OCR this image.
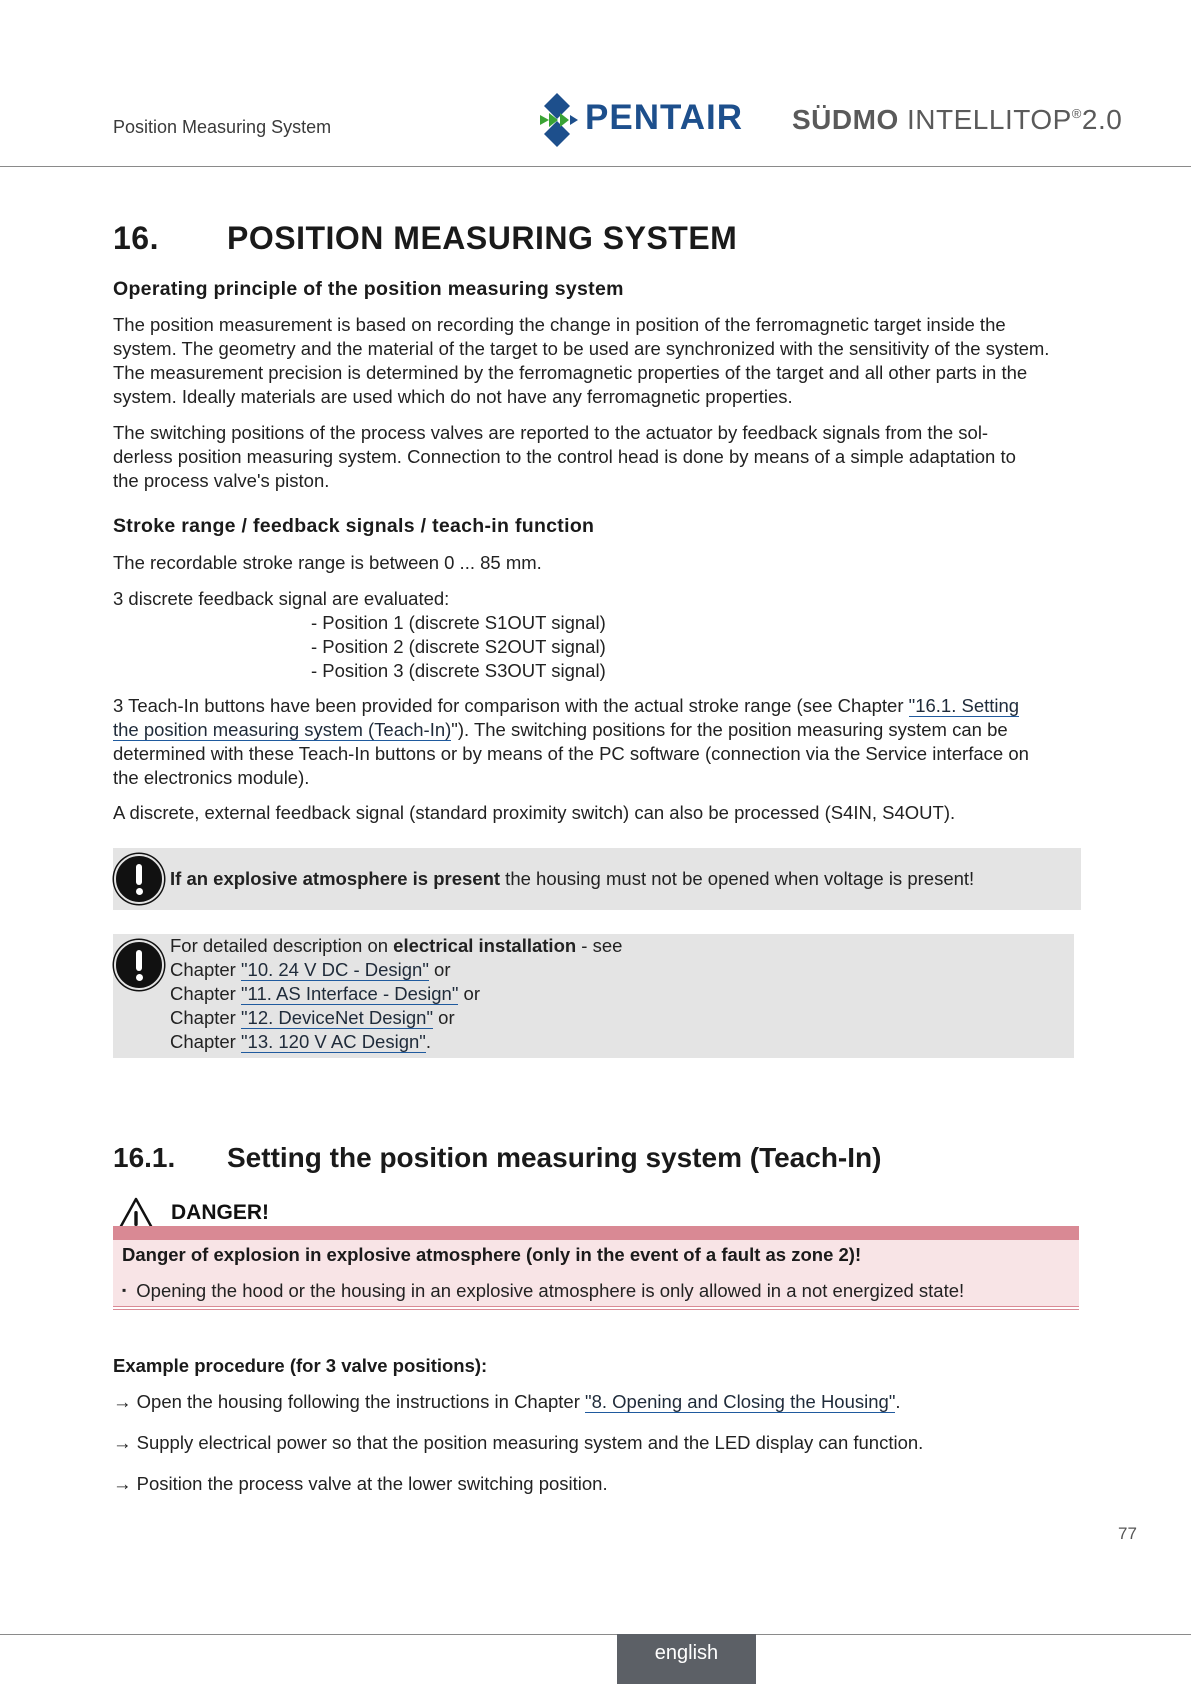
Position Measuring System	PENTAIR SÜDMO INTELLITOP®2.0
16. POSITION MEASURING SYSTEM
Operating principle of the position measuring system
The position measurement is based on recording the change in position of the ferromagnetic target inside the
system. The geometry and the material of the target to be used are synchronized with the sensitivity of the system.
The measurement precision is determined by the ferromagnetic properties of the target and all other parts in the
system. Ideally materials are used which do not have any ferromagnetic properties.
The switching positions of the process valves are reported to the actuator by feedback signals from the sol-
derless position measuring system. Connection to the control head is done by means of a simple adaptation to
the process valve's piston.
Stroke range / feedback signals / teach-in function
The recordable stroke range is between 0 ... 85 mm.
3 discrete feedback signal are evaluated:
- Position 1 (discrete S1OUT signal)
- Position 2 (discrete S2OUT signal)
- Position 3 (discrete S3OUT signal)
3 Teach-In buttons have been provided for comparison with the actual stroke range (see Chapter "16.1. Setting
the position measuring system (Teach-In)"). The switching positions for the position measuring system can be
determined with these Teach-In buttons or by means of the PC software (connection via the Service interface on
the electronics module).
A discrete, external feedback signal (standard proximity switch) can also be processed (S4IN, S4OUT).
If an explosive atmosphere is present the housing must not be opened when voltage is present!
For detailed description on electrical installation - see
Chapter "10. 24 V DC - Design" or
Chapter "11. AS Interface - Design" or
Chapter "12. DeviceNet Design" or
Chapter "13. 120 V AC Design".
16.1. Setting the position measuring system (Teach-In)
DANGER!
Danger of explosion in explosive atmosphere (only in the event of a fault as zone 2)!
▪ Opening the hood or the housing in an explosive atmosphere is only allowed in a not energized state!
Example procedure (for 3 valve positions):
→ Open the housing following the instructions in Chapter "8. Opening and Closing the Housing".
→ Supply electrical power so that the position measuring system and the LED display can function.
→ Position the process valve at the lower switching position.
77
english
